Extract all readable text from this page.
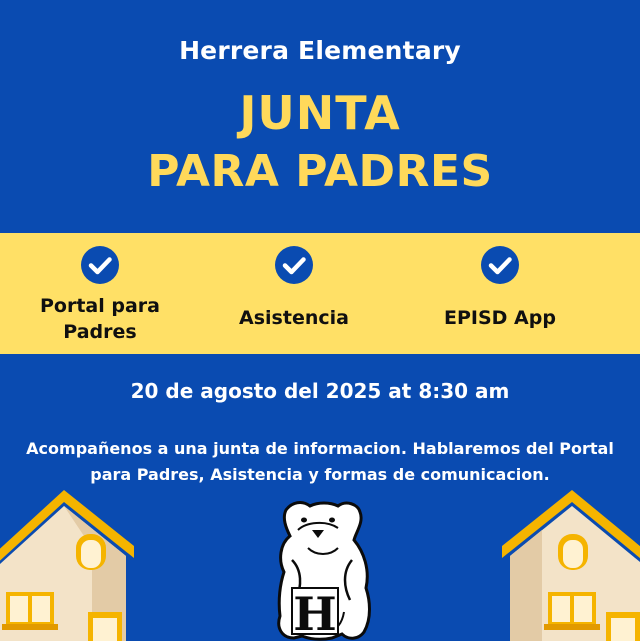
Herrera Elementary
JUNTA
PARA PADRES
Portal para
Padres
Asistencia	EPISD App
20 de agosto del 2025 at 8:30 am
Acompañenos a una junta de informacion. Hablaremos del Portal
para Padres, Asistencia y formas de comunicacion.
H
